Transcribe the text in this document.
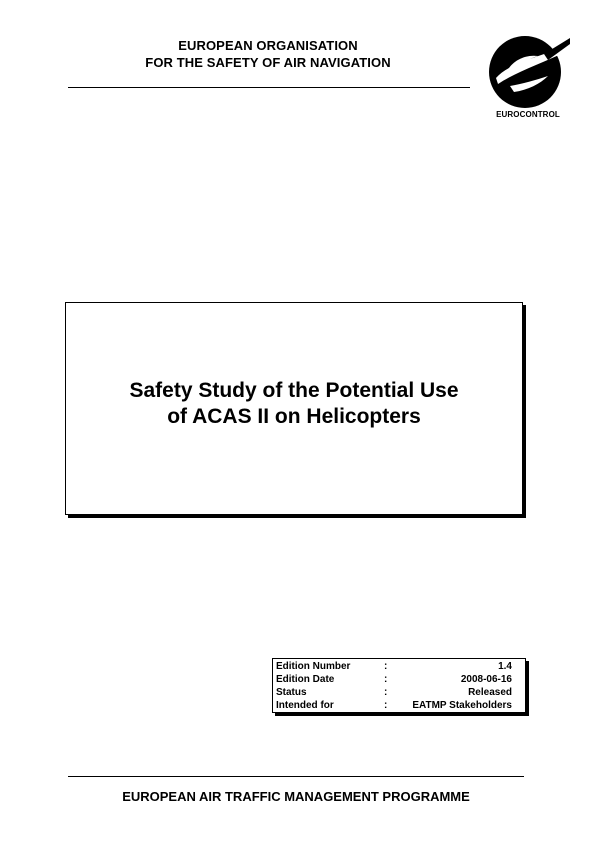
EUROPEAN ORGANISATION
FOR THE SAFETY OF AIR NAVIGATION
EUROCONTROL
Safety Study of the Potential Use
of ACAS II on Helicopters
Edition Number	:	1.4
Edition Date	:	2008-06-16
Status	:	Released
Intended for	: EATMP Stakeholders
EUROPEAN AIR TRAFFIC MANAGEMENT PROGRAMME
